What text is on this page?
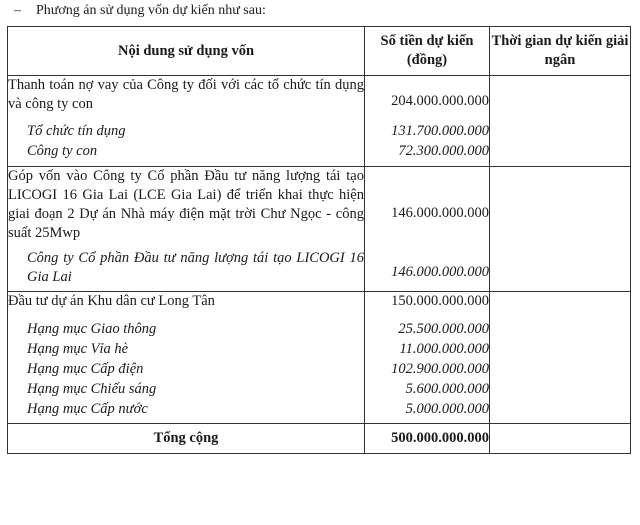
– Phương án sử dụng vốn dự kiến như sau:
Nội dung sử dụng vốn	Số tiền dự kiến (đồng)	Thời gian dự kiến giải ngân
Thanh toán nợ vay của Công ty đối với các tổ chức tín dụng và công ty con	204.000.000.000	
Tổ chức tín dụng	131.700.000.000	
Công ty con	72.300.000.000	
Góp vốn vào Công ty Cổ phần Đầu tư năng lượng tái tạo LICOGI 16 Gia Lai (LCE Gia Lai) để triển khai thực hiện giai đoạn 2 Dự án Nhà máy điện mặt trời Chư Ngọc - công suất 25Mwp	146.000.000.000	
Công ty Cổ phần Đầu tư năng lượng tái tạo LICOGI 16 Gia Lai	146.000.000.000	
Đầu tư dự án Khu dân cư Long Tân	150.000.000.000	
Hạng mục Giao thông	25.500.000.000	
Hạng mục Vỉa hè	11.000.000.000	
Hạng mục Cấp điện	102.900.000.000	
Hạng mục Chiếu sáng	5.600.000.000	
Hạng mục Cấp nước	5.000.000.000	
Tổng cộng	500.000.000.000	
